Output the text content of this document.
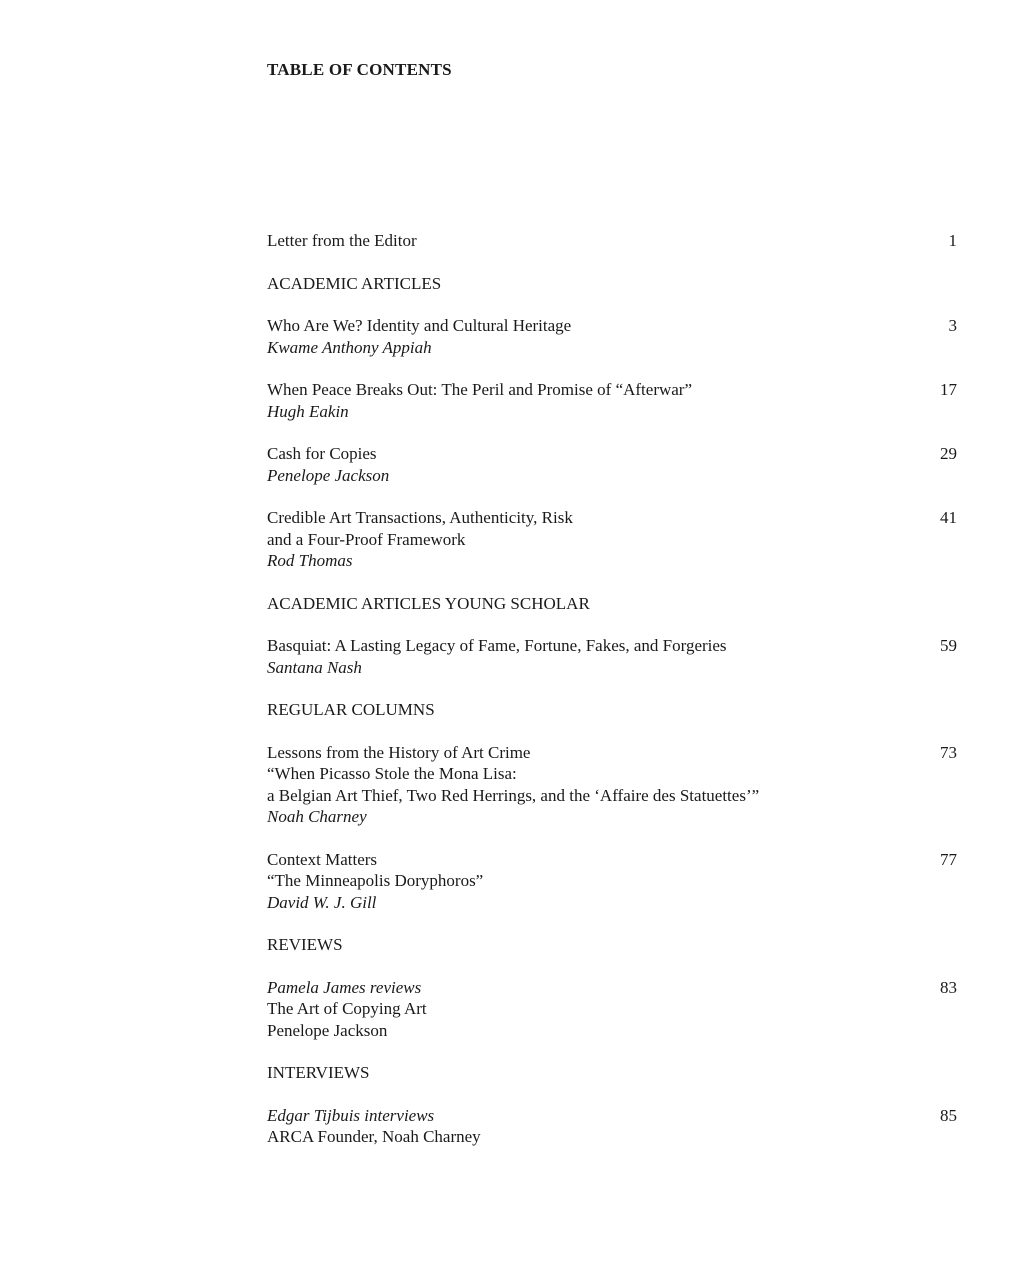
TABLE OF CONTENTS
Letter from the Editor	1
ACADEMIC ARTICLES
Who Are We? Identity and Cultural Heritage
Kwame Anthony Appiah
3
When Peace Breaks Out: The Peril and Promise of “Afterwar”
Hugh Eakin
17
Cash for Copies
Penelope Jackson
29
Credible Art Transactions, Authenticity, Risk
and a Four-Proof Framework
Rod Thomas
41
ACADEMIC ARTICLES YOUNG SCHOLAR
Basquiat: A Lasting Legacy of Fame, Fortune, Fakes, and Forgeries
Santana Nash
59
REGULAR COLUMNS
Lessons from the History of Art Crime
“When Picasso Stole the Mona Lisa:
a Belgian Art Thief, Two Red Herrings, and the ‘Affaire des Statuettes’”
Noah Charney
73
Context Matters
“The Minneapolis Doryphoros”
David W. J. Gill
77
REVIEWS
Pamela James reviews
The Art of Copying Art
Penelope Jackson
83
INTERVIEWS
Edgar Tijbuis interviews
ARCA Founder, Noah Charney
85
